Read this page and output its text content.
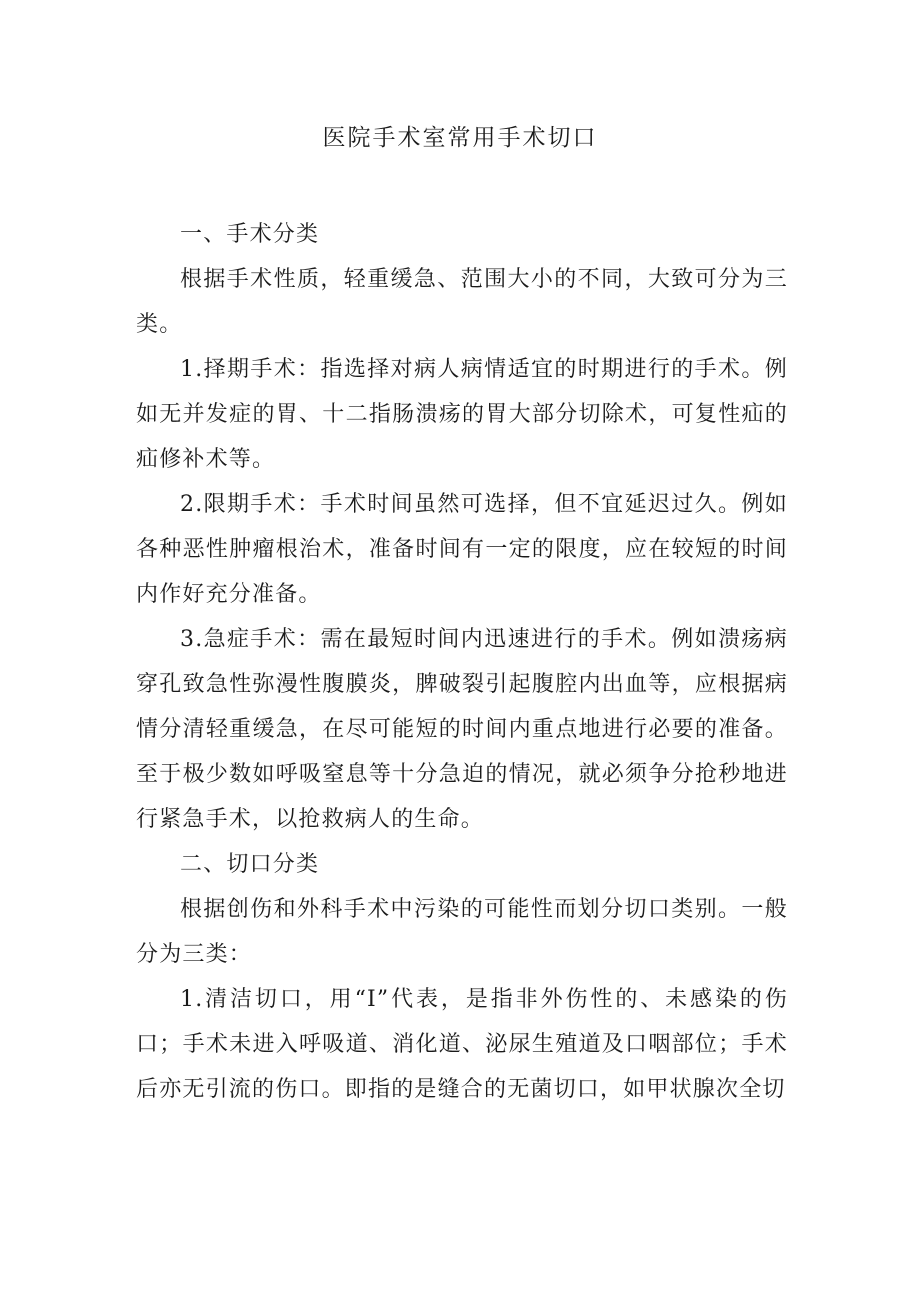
医院手术室常用手术切口

一、手术分类

根据手术性质，轻重缓急、范围大小的不同，大致可分为三类。

1.择期手术：指选择对病人病情适宜的时期进行的手术。例如无并发症的胃、十二指肠溃疡的胃大部分切除术，可复性疝的疝修补术等。

2.限期手术：手术时间虽然可选择，但不宜延迟过久。例如各种恶性肿瘤根治术，准备时间有一定的限度，应在较短的时间内作好充分准备。

3.急症手术：需在最短时间内迅速进行的手术。例如溃疡病穿孔致急性弥漫性腹膜炎，脾破裂引起腹腔内出血等，应根据病情分清轻重缓急，在尽可能短的时间内重点地进行必要的准备。至于极少数如呼吸窒息等十分急迫的情况，就必须争分抢秒地进行紧急手术，以抢救病人的生命。

二、切口分类

根据创伤和外科手术中污染的可能性而划分切口类别。一般分为三类：

1.清洁切口，用“I”代表，是指非外伤性的、未感染的伤口；手术未进入呼吸道、消化道、泌尿生殖道及口咽部位；手术后亦无引流的伤口。即指的是缝合的无菌切口，如甲状腺次全切
